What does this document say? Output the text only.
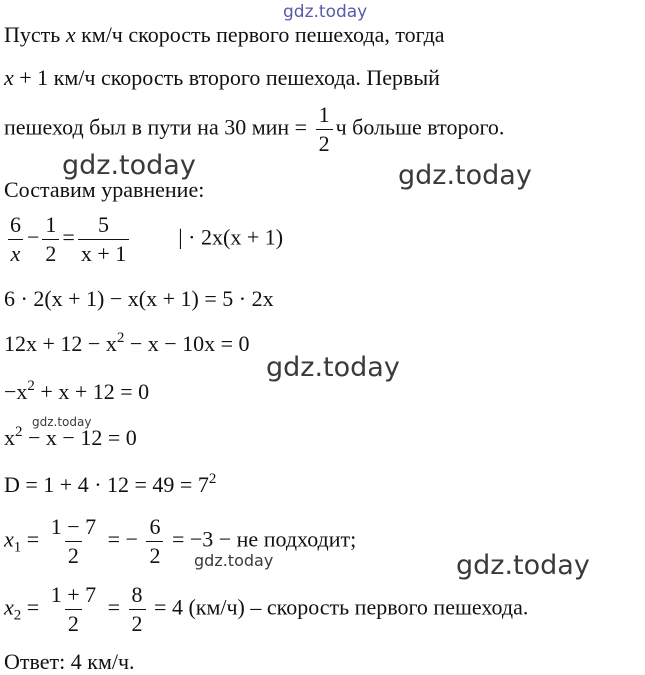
gdz.today
Пусть x км/ч скорость первого пешехода, тогда
x + 1 км/ч скорость второго пешехода. Первый
пешеход был в пути на 30 мин = $\frac{1}{2}$ ч больше второго.
gdz.today	gdz.today
Составим уравнение:
$\frac{6}{x} - \frac{1}{2} = \frac{5}{x + 1}$ | · 2x(x + 1)
6 · 2(x + 1) − x(x + 1) = 5 · 2x
$12x + 12 - x^2 - x - 10x = 0$
gdz.today
$-x^2 + x + 12 = 0$
gdz.today
$x^2 - x - 12 = 0$
$D = 1 + 4 \cdot 12 = 49 = 7^2$
$x_1 = \frac{1 - 7}{2}$ = − $\frac{6}{2} = -3$ − не подходит;
gdz.today	gdz.today
$x_2 = \frac{1 + 7}{2} = \frac{8}{2} = 4$ (км/ч) – скорость первого пешехода.
Ответ: 4 км/ч.
